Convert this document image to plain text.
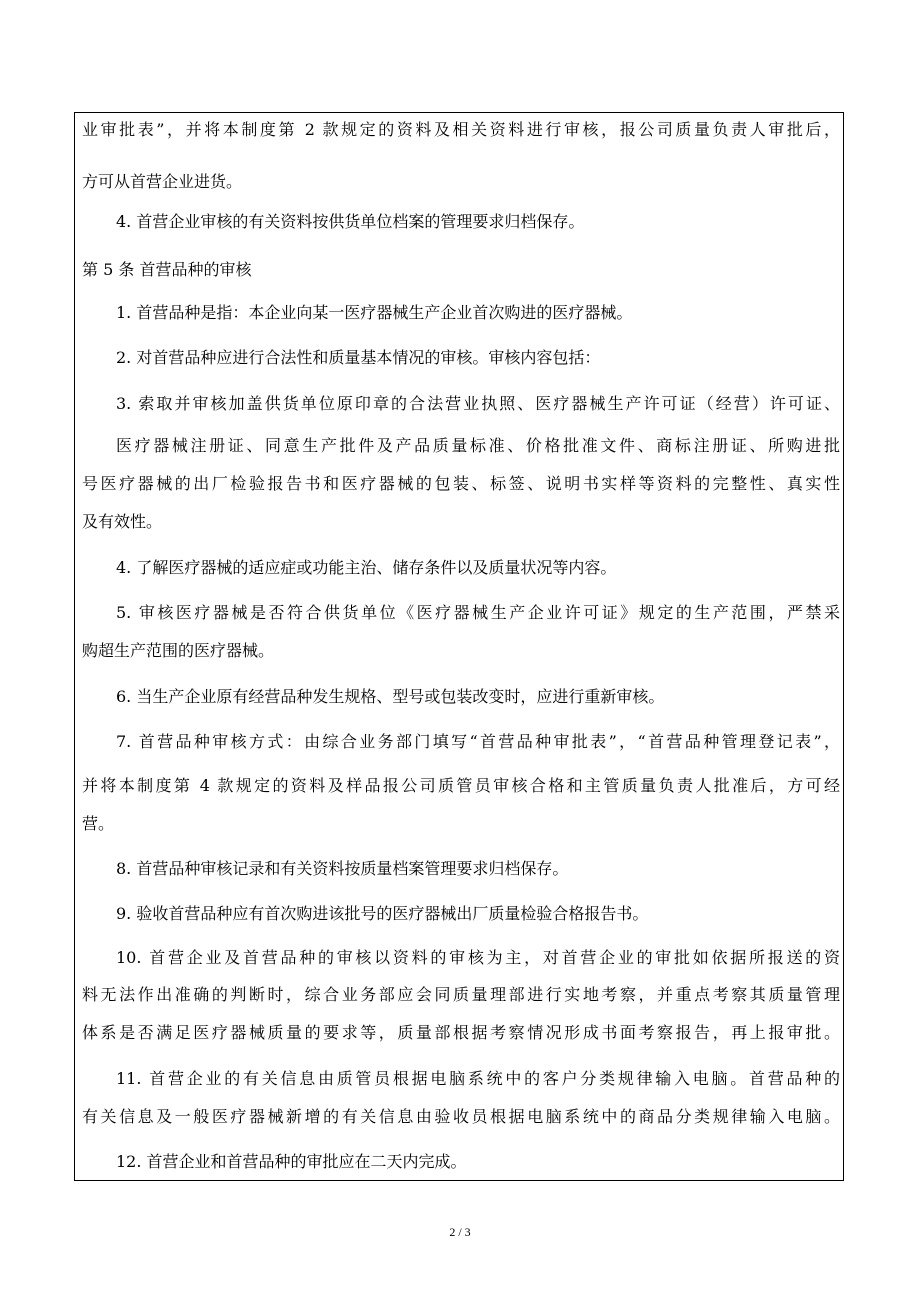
业审批表”，并将本制度第 2 款规定的资料及相关资料进行审核，报公司质量负责人审批后，
方可从首营企业进货。
4. 首营企业审核的有关资料按供货单位档案的管理要求归档保存。
第 5 条 首营品种的审核
1. 首营品种是指：本企业向某一医疗器械生产企业首次购进的医疗器械。
2. 对首营品种应进行合法性和质量基本情况的审核。审核内容包括：
3. 索取并审核加盖供货单位原印章的合法营业执照、医疗器械生产许可证（经营）许可证、
医疗器械注册证、同意生产批件及产品质量标准、价格批准文件、商标注册证、所购进批
号医疗器械的出厂检验报告书和医疗器械的包装、标签、说明书实样等资料的完整性、真实性
及有效性。
4. 了解医疗器械的适应症或功能主治、储存条件以及质量状况等内容。
5. 审核医疗器械是否符合供货单位《医疗器械生产企业许可证》规定的生产范围，严禁采
购超生产范围的医疗器械。
6. 当生产企业原有经营品种发生规格、型号或包装改变时，应进行重新审核。
7. 首营品种审核方式：由综合业务部门填写“首营品种审批表”，“首营品种管理登记表”，
并将本制度第 4 款规定的资料及样品报公司质管员审核合格和主管质量负责人批准后，方可经
营。
8. 首营品种审核记录和有关资料按质量档案管理要求归档保存。
9. 验收首营品种应有首次购进该批号的医疗器械出厂质量检验合格报告书。
10. 首营企业及首营品种的审核以资料的审核为主，对首营企业的审批如依据所报送的资
料无法作出准确的判断时，综合业务部应会同质量理部进行实地考察，并重点考察其质量管理
体系是否满足医疗器械质量的要求等，质量部根据考察情况形成书面考察报告，再上报审批。
11. 首营企业的有关信息由质管员根据电脑系统中的客户分类规律输入电脑。首营品种的
有关信息及一般医疗器械新增的有关信息由验收员根据电脑系统中的商品分类规律输入电脑。
12. 首营企业和首营品种的审批应在二天内完成。
2 / 3
